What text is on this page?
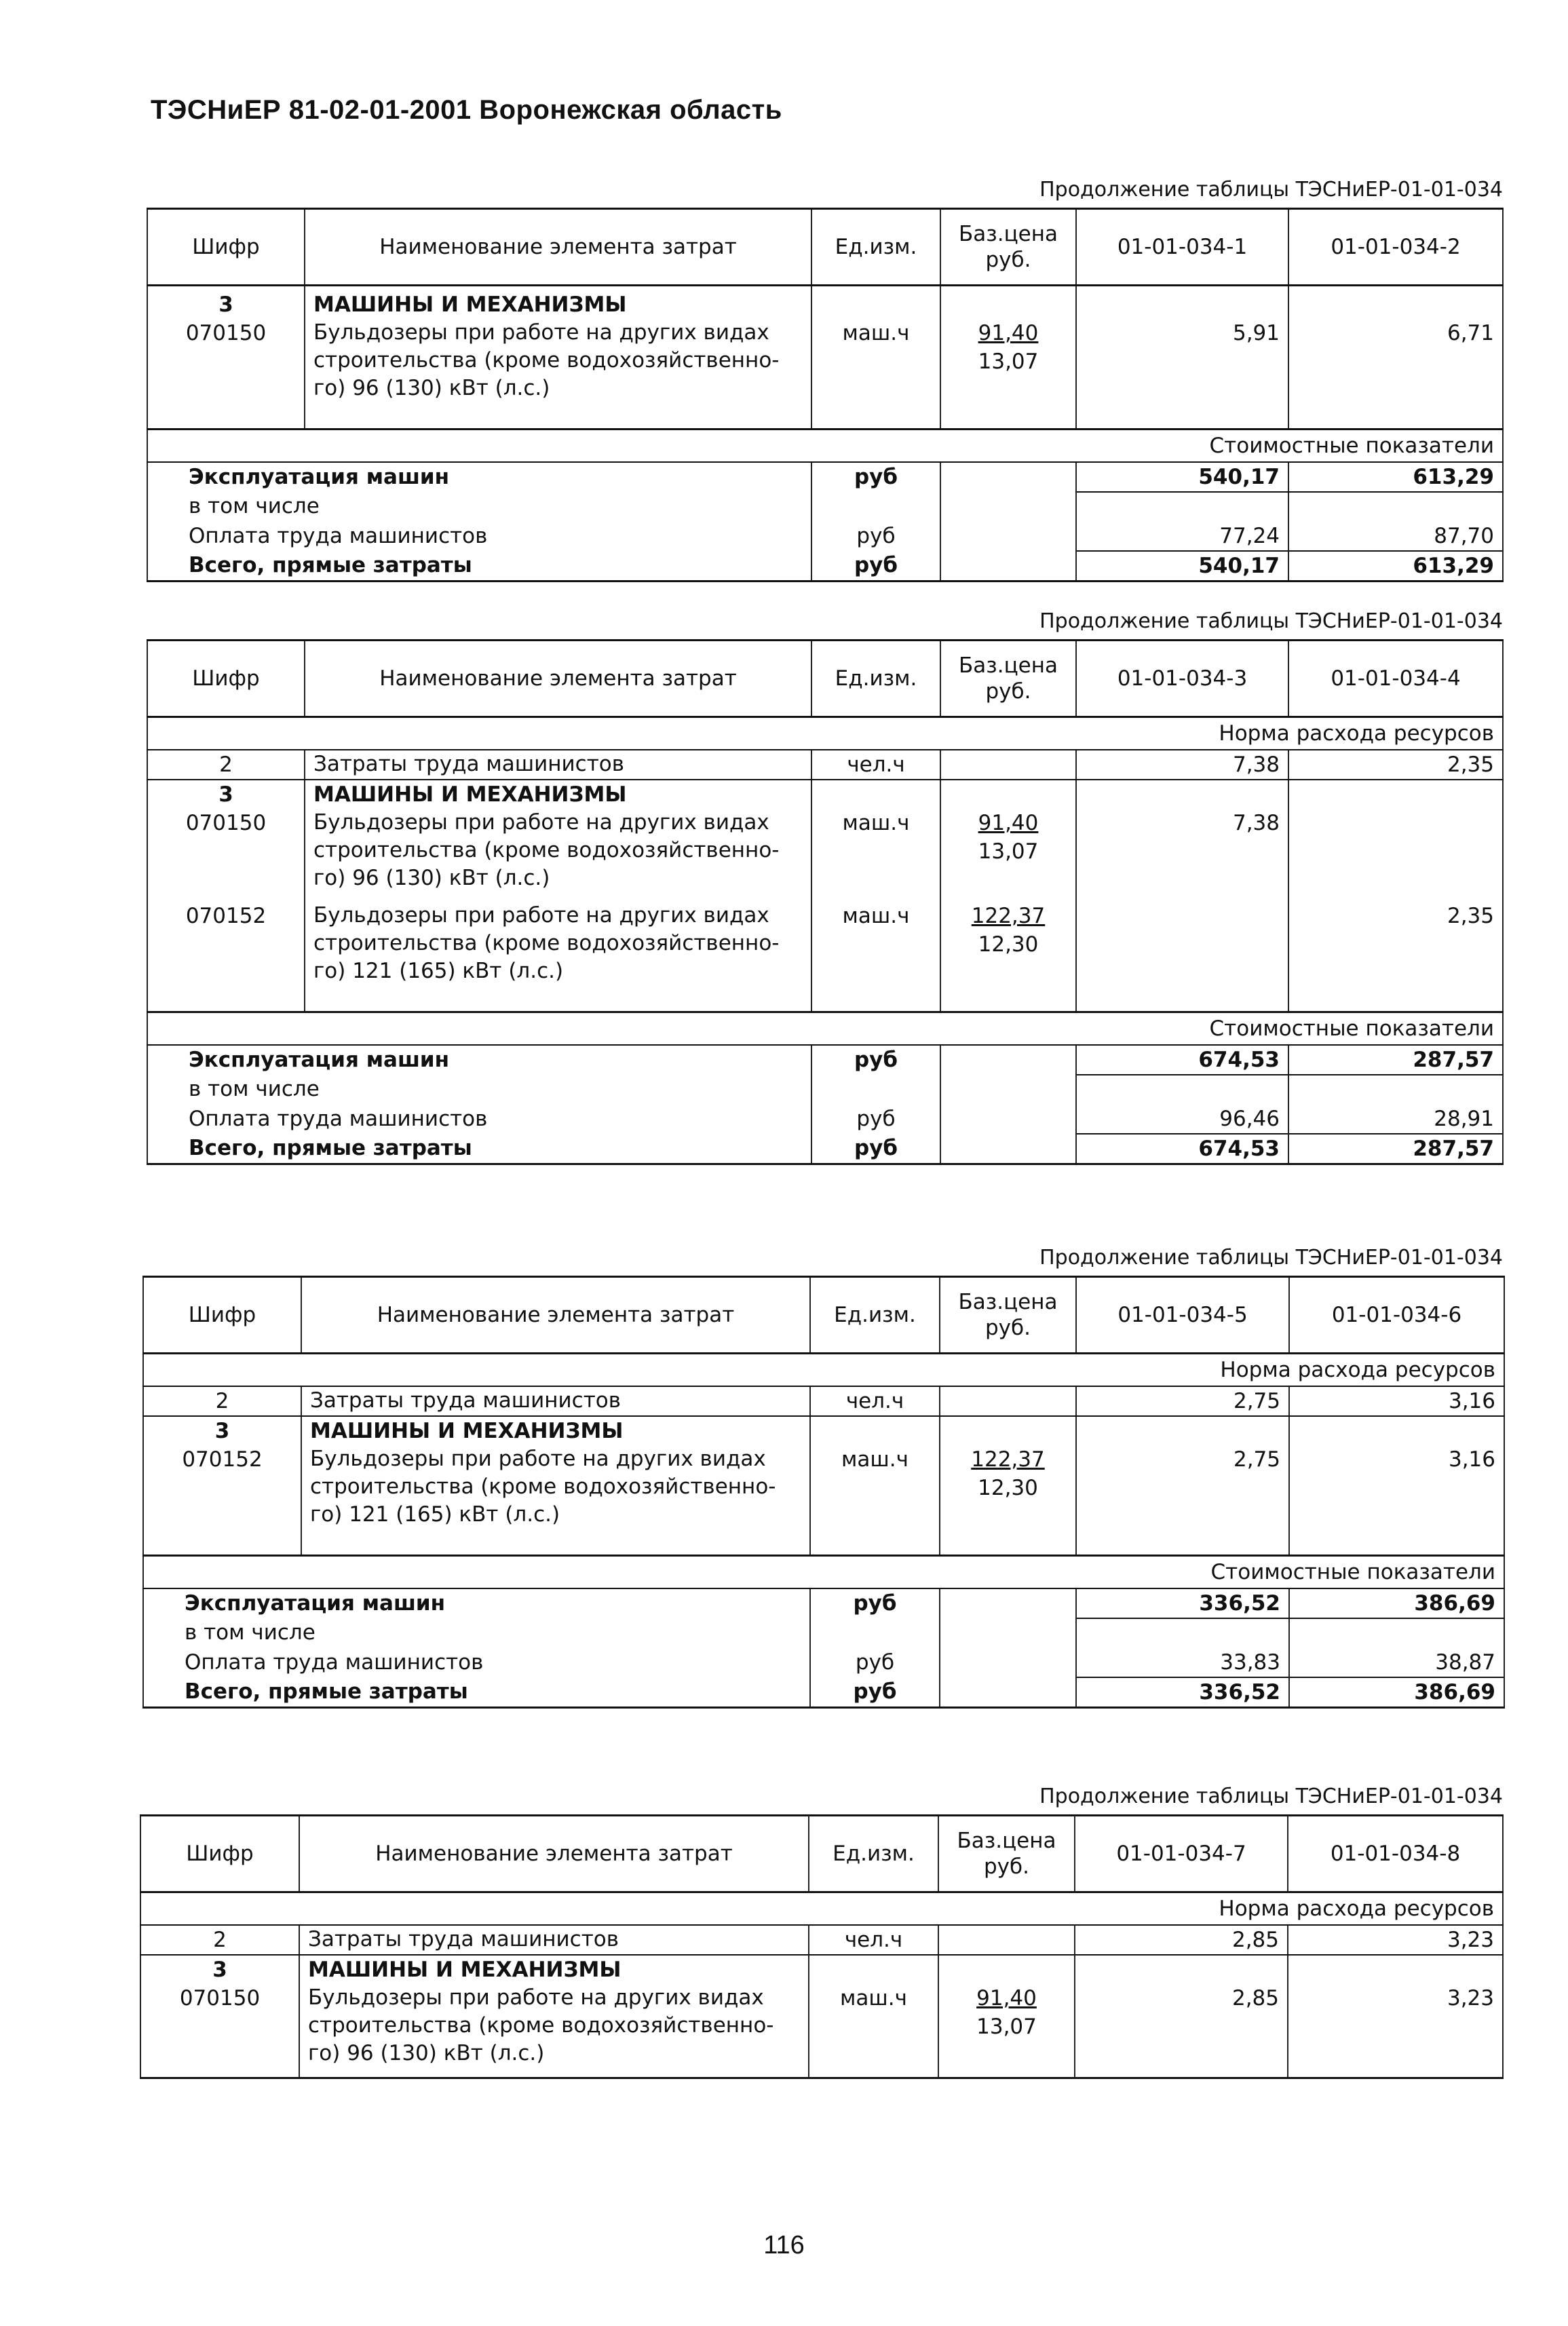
ТЭСНиЕР 81-02-01-2001 Воронежская область
Продолжение таблицы ТЭСНиЕР-01-01-034
Шифр	Наименование элемента затрат	Ед.изм.	Баз.цена руб.	01-01-034-1	01-01-034-2
3	МАШИНЫ И МЕХАНИЗМЫ				
070150	Бульдозеры при работе на других видах строительства (кроме водохозяйственно-го) 96 (130) кВт (л.с.)	маш.ч	91,40
13,07	5,91	6,71

Стоимостные показатели					
Эксплуатация машин		руб		540,17	613,29
в том числе					
Оплата труда машинистов		руб		77,24	87,70
Всего, прямые затраты		руб		540,17	613,29
Продолжение таблицы ТЭСНиЕР-01-01-034
Шифр	Наименование элемента затрат	Ед.изм.	Баз.цена руб.	01-01-034-3	01-01-034-4
Норма расхода ресурсов					
2	Затраты труда машинистов	чел.ч		7,38	2,35
3	МАШИНЫ И МЕХАНИЗМЫ				
070150	Бульдозеры при работе на других видах строительства (кроме водохозяйственно-го) 96 (130) кВт (л.с.)	маш.ч	91,40
13,07	7,38	
070152	Бульдозеры при работе на других видах строительства (кроме водохозяйственно-го) 121 (165) кВт (л.с.)	маш.ч	122,37
12,30		2,35

Стоимостные показатели					
Эксплуатация машин		руб		674,53	287,57
в том числе					
Оплата труда машинистов		руб		96,46	28,91
Всего, прямые затраты		руб		674,53	287,57
Продолжение таблицы ТЭСНиЕР-01-01-034
Шифр	Наименование элемента затрат	Ед.изм.	Баз.цена руб.	01-01-034-5	01-01-034-6
Норма расхода ресурсов					
2	Затраты труда машинистов	чел.ч		2,75	3,16
3	МАШИНЫ И МЕХАНИЗМЫ				
070152	Бульдозеры при работе на других видах строительства (кроме водохозяйственно-го) 121 (165) кВт (л.с.)	маш.ч	122,37
12,30	2,75	3,16

Стоимостные показатели					
Эксплуатация машин		руб		336,52	386,69
в том числе					
Оплата труда машинистов		руб		33,83	38,87
Всего, прямые затраты		руб		336,52	386,69
Продолжение таблицы ТЭСНиЕР-01-01-034
Шифр	Наименование элемента затрат	Ед.изм.	Баз.цена руб.	01-01-034-7	01-01-034-8
Норма расхода ресурсов					
2	Затраты труда машинистов	чел.ч		2,85	3,23
3	МАШИНЫ И МЕХАНИЗМЫ				
070150	Бульдозеры при работе на других видах строительства (кроме водохозяйственно-го) 96 (130) кВт (л.с.)	маш.ч	91,40
13,07	2,85	3,23
116
